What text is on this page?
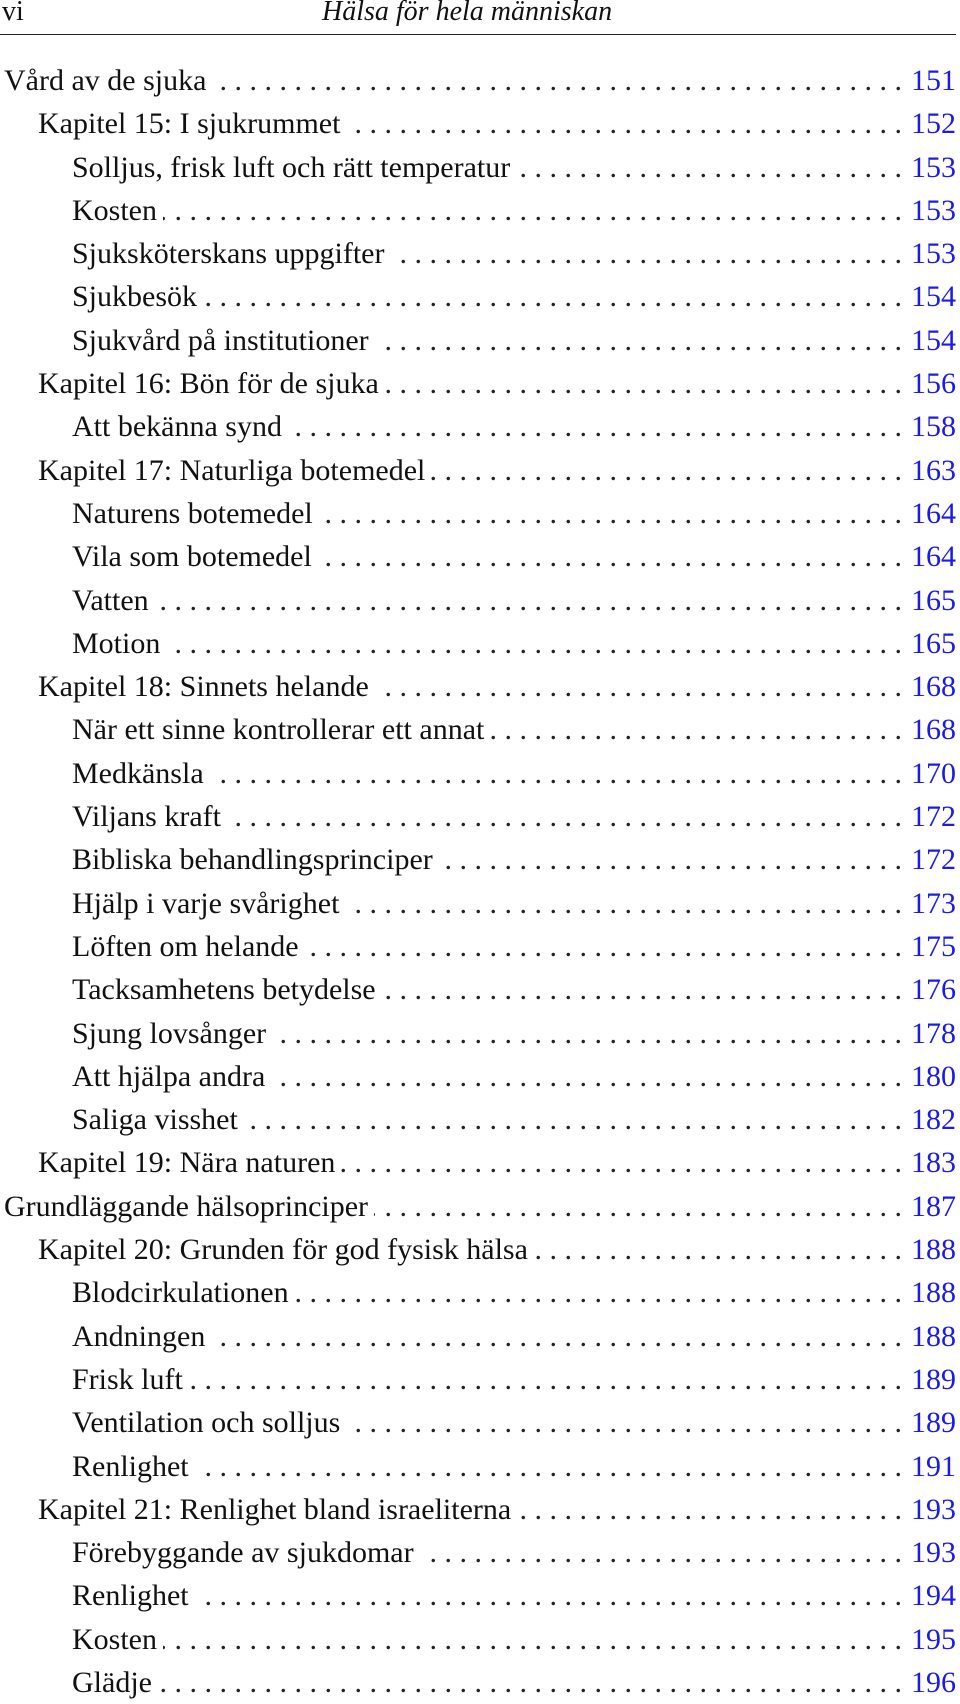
vi	Hälsa för hela människan
Vård av de sjuka . . .	151
Kapitel 15: I sjukrummet . . .	152
Solljus, frisk luft och rätt temperatur . . .	153
Kosten . . .	153
Sjuksköterskans uppgifter . . .	153
Sjukbesök . . .	154
Sjukvård på institutioner . . .	154
Kapitel 16: Bön för de sjuka . . .	156
Att bekänna synd . . .	158
Kapitel 17: Naturliga botemedel . . .	163
Naturens botemedel . . .	164
Vila som botemedel . . .	164
Vatten . . .	165
Motion . . .	165
Kapitel 18: Sinnets helande . . .	168
När ett sinne kontrollerar ett annat . . .	168
Medkänsla . . .	170
Viljans kraft . . .	172
Bibliska behandlingsprinciper . . .	172
Hjälp i varje svårighet . . .	173
Löften om helande . . .	175
Tacksamhetens betydelse . . .	176
Sjung lovsånger . . .	178
Att hjälpa andra . . .	180
Saliga visshet . . .	182
Kapitel 19: Nära naturen . . .	183
Grundläggande hälsoprinciper . . .	187
Kapitel 20: Grunden för god fysisk hälsa . . .	188
Blodcirkulationen . . .	188
Andningen . . .	188
Frisk luft . . .	189
Ventilation och solljus . . .	189
Renlighet . . .	191
Kapitel 21: Renlighet bland israeliterna . . .	193
Förebyggande av sjukdomar . . .	193
Renlighet . . .	194
Kosten . . .	195
Glädje . . .	196
